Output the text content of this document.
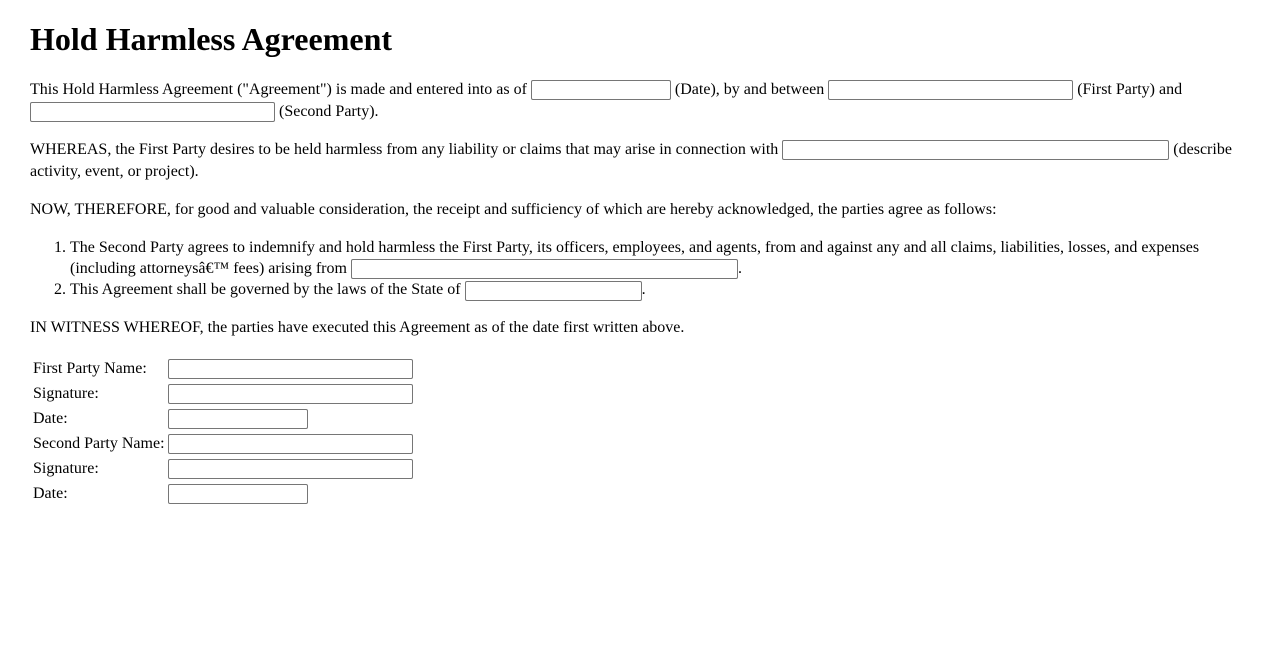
Hold Harmless Agreement

This Hold Harmless Agreement ("Agreement") is made and entered into as of	(Date), by and between	(First Party) and  (Second Party).

WHEREAS, the First Party desires to be held harmless from any liability or claims that may arise in connection with	(describe activity, event, or project).

NOW, THEREFORE, for good and valuable consideration, the receipt and sufficiency of which are hereby acknowledged, the parties agree as follows:

1. The Second Party agrees to indemnify and hold harmless the First Party, its officers, employees, and agents, from and against any and all claims, liabilities, losses, and expenses (including attorneysâ€™ fees) arising from	.
2. This Agreement shall be governed by the laws of the State of	.

IN WITNESS WHEREOF, the parties have executed this Agreement as of the date first written above.

First Party Name:
Signature:
Date:
Second Party Name:
Signature:
Date:
